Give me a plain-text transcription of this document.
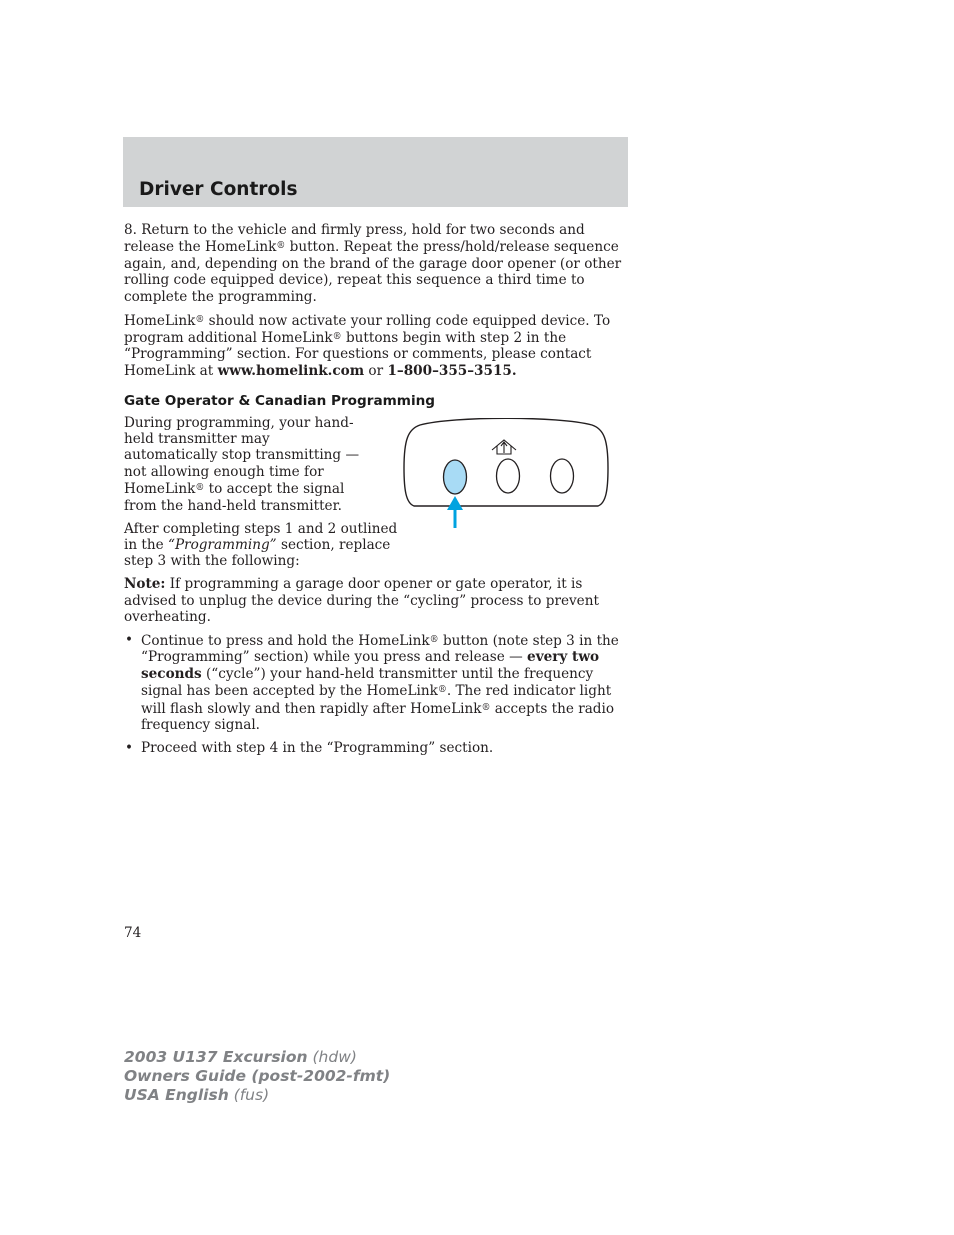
Driver Controls

8. Return to the vehicle and firmly press, hold for two seconds and release the HomeLink® button. Repeat the press/hold/release sequence again, and, depending on the brand of the garage door opener (or other rolling code equipped device), repeat this sequence a third time to complete the programming.

HomeLink® should now activate your rolling code equipped device. To program additional HomeLink® buttons begin with step 2 in the “Programming” section. For questions or comments, please contact HomeLink at www.homelink.com or 1–800–355–3515.

Gate Operator & Canadian Programming

During programming, your hand-held transmitter may automatically stop transmitting — not allowing enough time for HomeLink® to accept the signal from the hand-held transmitter.

After completing steps 1 and 2 outlined in the “Programming” section, replace step 3 with the following:

Note: If programming a garage door opener or gate operator, it is advised to unplug the device during the “cycling” process to prevent overheating.

• Continue to press and hold the HomeLink® button (note step 3 in the “Programming” section) while you press and release — every two seconds (“cycle”) your hand-held transmitter until the frequency signal has been accepted by the HomeLink®. The red indicator light will flash slowly and then rapidly after HomeLink® accepts the radio frequency signal.
• Proceed with step 4 in the “Programming” section.
74
2003 U137 Excursion (hdw)
Owners Guide (post-2002-fmt)
USA English (fus)
